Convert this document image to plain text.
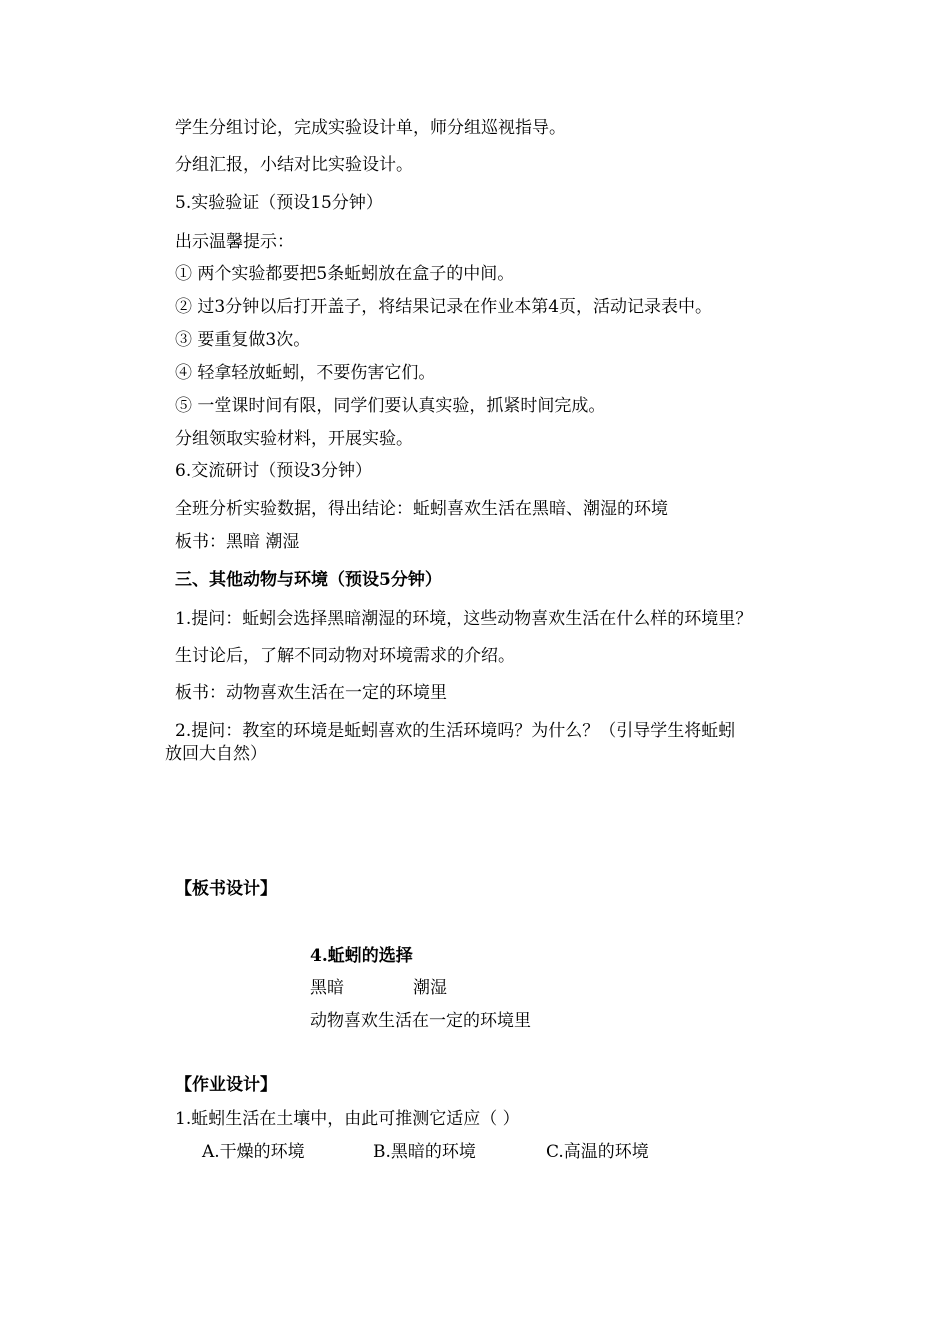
学生分组讨论，完成实验设计单，师分组巡视指导。
分组汇报，小结对比实验设计。
5.实验验证（预设15分钟）
出示温馨提示：
① 两个实验都要把5条蚯蚓放在盒子的中间。
② 过3分钟以后打开盖子，将结果记录在作业本第4页，活动记录表中。
③ 要重复做3次。
④ 轻拿轻放蚯蚓，不要伤害它们。
⑤ 一堂课时间有限，同学们要认真实验，抓紧时间完成。
分组领取实验材料，开展实验。
6.交流研讨（预设3分钟）
全班分析实验数据，得出结论：蚯蚓喜欢生活在黑暗、潮湿的环境
板书：黑暗 潮湿
三、其他动物与环境（预设5分钟）
1.提问：蚯蚓会选择黑暗潮湿的环境，这些动物喜欢生活在什么样的环境里？
生讨论后，了解不同动物对环境需求的介绍。
板书：动物喜欢生活在一定的环境里
2.提问：教室的环境是蚯蚓喜欢的生活环境吗？为什么？（引导学生将蚯蚓
放回大自然）
【板书设计】
4.蚯蚓的选择
黑暗	潮湿
动物喜欢生活在一定的环境里
【作业设计】
1.蚯蚓生活在土壤中，由此可推测它适应（ ）
A.干燥的环境	B.黑暗的环境	C.高温的环境
